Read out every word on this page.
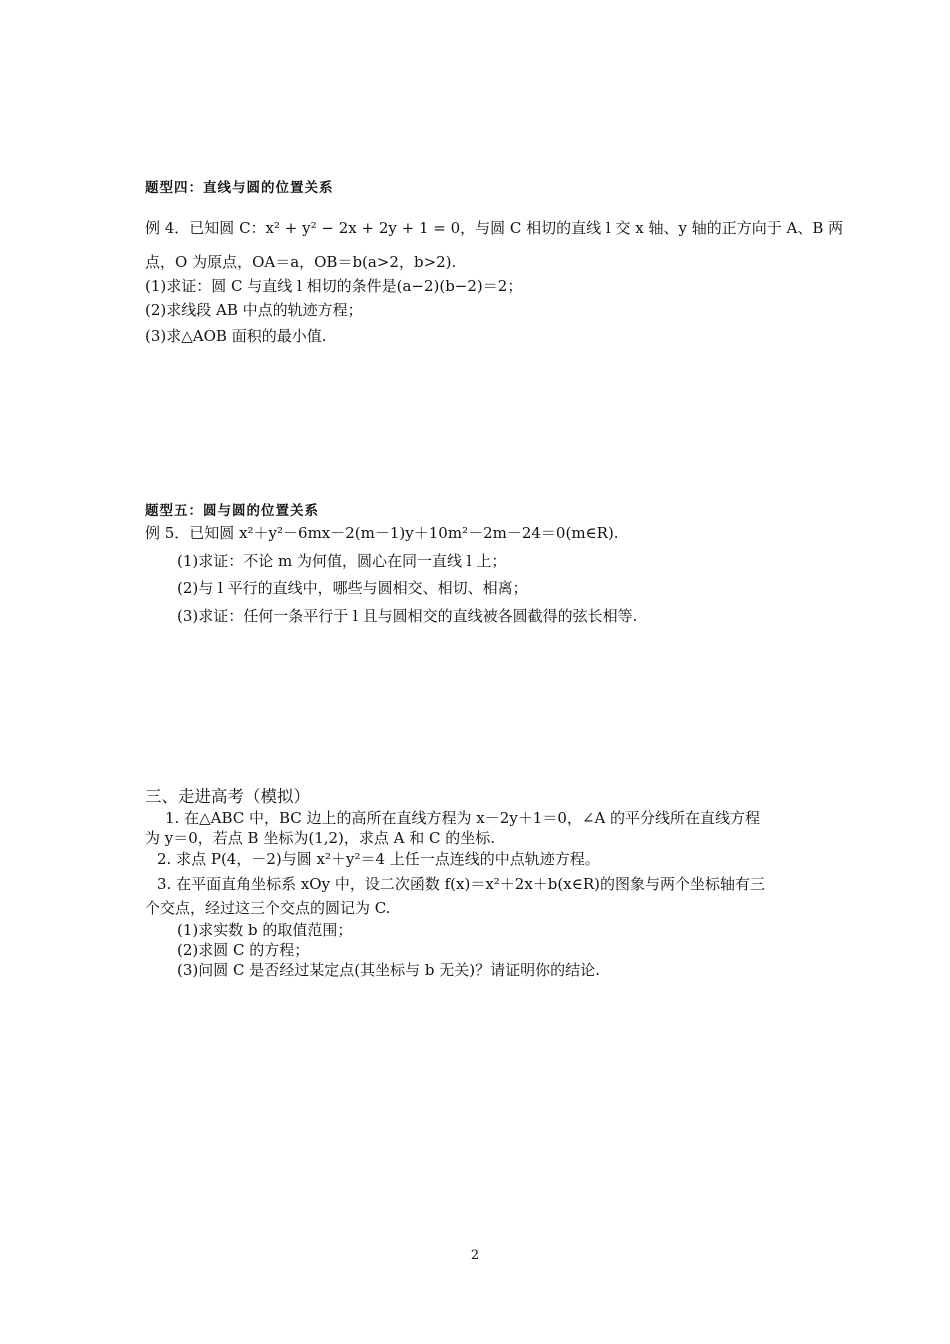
题型四：直线与圆的位置关系
例 4．已知圆 C：x² + y² − 2x + 2y + 1 = 0，与圆 C 相切的直线 l 交 x 轴、y 轴的正方向于 A、B 两
点，O 为原点，OA＝a，OB＝b(a>2，b>2).
(1)求证：圆 C 与直线 l 相切的条件是(a−2)(b−2)＝2；
(2)求线段 AB 中点的轨迹方程；
(3)求△AOB 面积的最小值.
题型五：圆与圆的位置关系
例 5．已知圆 x²＋y²－6mx－2(m－1)y＋10m²－2m－24＝0(m∈R).
(1)求证：不论 m 为何值，圆心在同一直线 l 上；
(2)与 l 平行的直线中，哪些与圆相交、相切、相离；
(3)求证：任何一条平行于 l 且与圆相交的直线被各圆截得的弦长相等.
三、走进高考（模拟）
1. 在△ABC 中，BC 边上的高所在直线方程为 x－2y＋1＝0，∠A 的平分线所在直线方程
为 y＝0，若点 B 坐标为(1,2)，求点 A 和 C 的坐标.
2. 求点 P(4，－2)与圆 x²＋y²＝4 上任一点连线的中点轨迹方程。
3. 在平面直角坐标系 xOy 中，设二次函数 f(x)＝x²＋2x＋b(x∈R)的图象与两个坐标轴有三
个交点，经过这三个交点的圆记为 C.
(1)求实数 b 的取值范围；
(2)求圆 C 的方程；
(3)问圆 C 是否经过某定点(其坐标与 b 无关)？请证明你的结论.
2
